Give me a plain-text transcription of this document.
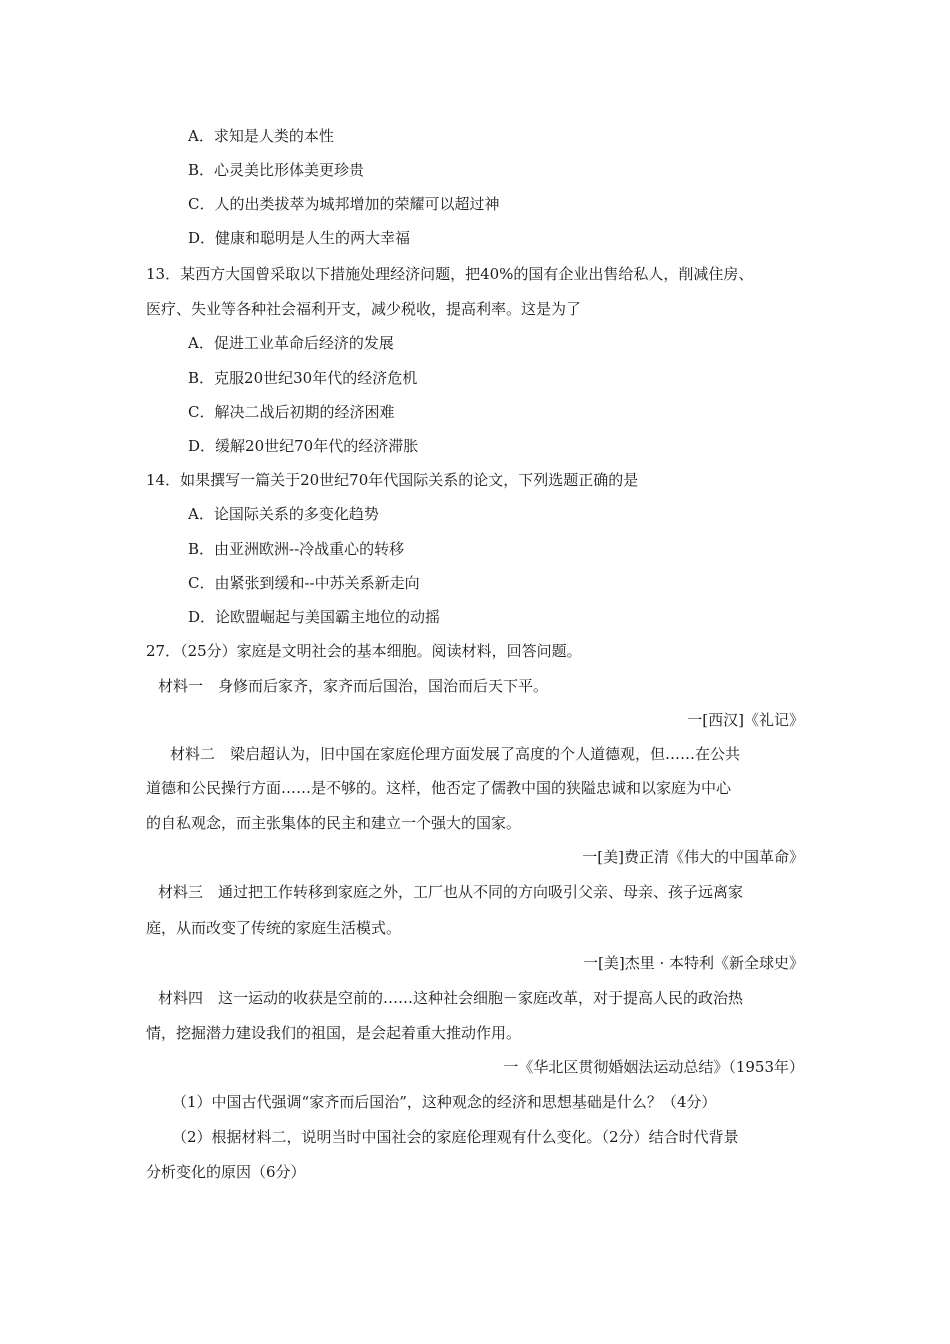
A．求知是人类的本性
B．心灵美比形体美更珍贵
C．人的出类拔萃为城邦增加的荣耀可以超过神
D．健康和聪明是人生的两大幸福
13．某西方大国曾采取以下措施处理经济问题，把40%的国有企业出售给私人，削减住房、
医疗、失业等各种社会福利开支，减少税收，提高利率。这是为了
A．促进工业革命后经济的发展
B．克服20世纪30年代的经济危机
C．解决二战后初期的经济困难
D．缓解20世纪70年代的经济滞胀
14．如果撰写一篇关于20世纪70年代国际关系的论文，下列选题正确的是
A．论国际关系的多变化趋势
B．由亚洲欧洲--冷战重心的转移
C．由紧张到缓和--中苏关系新走向
D．论欧盟崛起与美国霸主地位的动摇
27．（25分）家庭是文明社会的基本细胞。阅读材料，回答问题。
材料一　身修而后家齐，家齐而后国治，国治而后天下平。
一[西汉]《礼记》
材料二　梁启超认为，旧中国在家庭伦理方面发展了高度的个人道德观，但……在公共
道德和公民操行方面……是不够的。这样，他否定了儒教中国的狭隘忠诚和以家庭为中心
的自私观念，而主张集体的民主和建立一个强大的国家。
一[美]费正清《伟大的中国革命》
材料三　通过把工作转移到家庭之外，工厂也从不同的方向吸引父亲、母亲、孩子远离家
庭，从而改变了传统的家庭生活模式。
一[美]杰里 · 本特利《新全球史》
材料四　这一运动的收获是空前的……这种社会细胞－家庭改革，对于提高人民的政治热
情，挖掘潜力建设我们的祖国，是会起着重大推动作用。
一《华北区贯彻婚姻法运动总结》（1953年）
（1）中国古代强调“家齐而后国治”，这种观念的经济和思想基础是什么？（4分）
（2）根据材料二，说明当时中国社会的家庭伦理观有什么变化。（2分）结合时代背景
分析变化的原因（6分）
